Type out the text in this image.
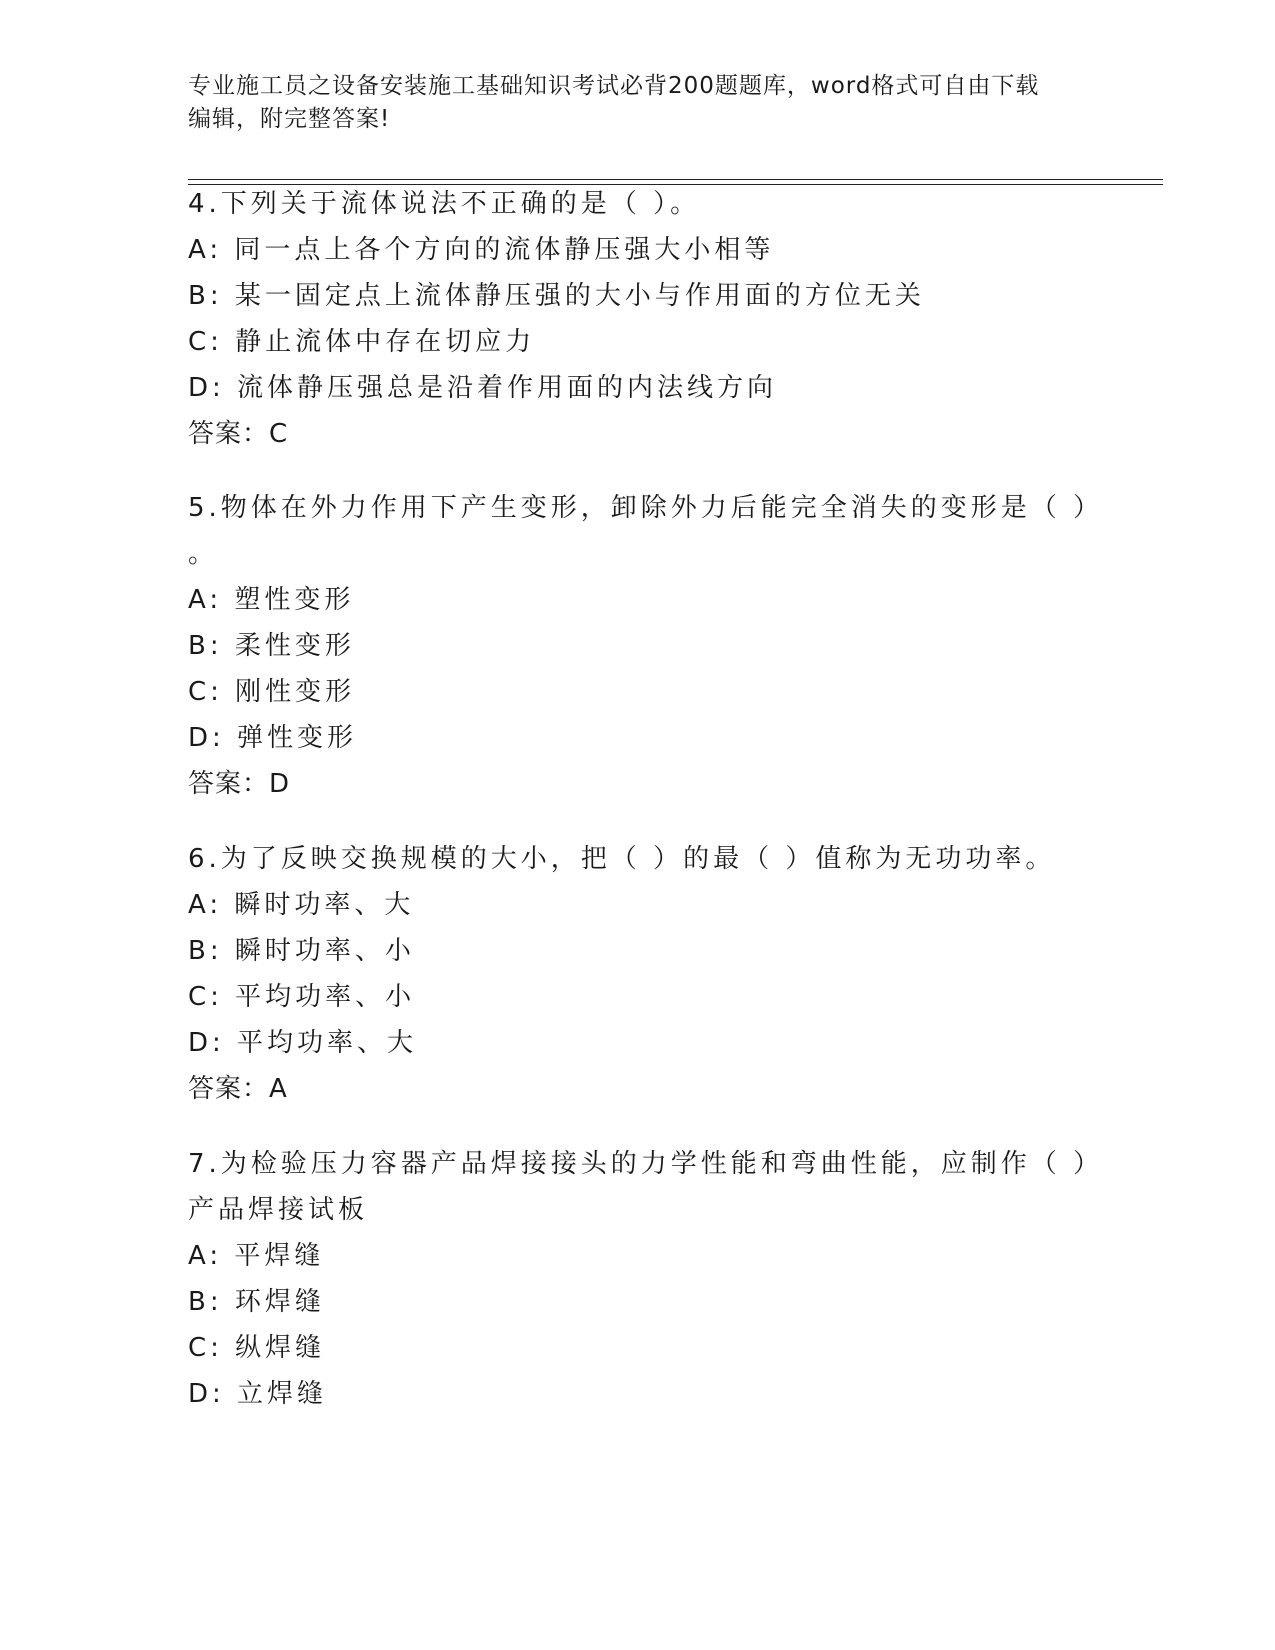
专业施工员之设备安装施工基础知识考试必背200题题库，word格式可自由下载
编辑，附完整答案!
4.下列关于流体说法不正确的是（ ）。
A: 同一点上各个方向的流体静压强大小相等
B: 某一固定点上流体静压强的大小与作用面的方位无关
C: 静止流体中存在切应力
D: 流体静压强总是沿着作用面的内法线方向
答案：C
5.物体在外力作用下产生变形，卸除外力后能完全消失的变形是（ ）
。
A: 塑性变形
B: 柔性变形
C: 刚性变形
D: 弹性变形
答案：D
6.为了反映交换规模的大小，把（ ）的最（ ）值称为无功功率。
A: 瞬时功率、大
B: 瞬时功率、小
C: 平均功率、小
D: 平均功率、大
答案：A
7.为检验压力容器产品焊接接头的力学性能和弯曲性能，应制作（ ）
产品焊接试板
A: 平焊缝
B: 环焊缝
C: 纵焊缝
D: 立焊缝
